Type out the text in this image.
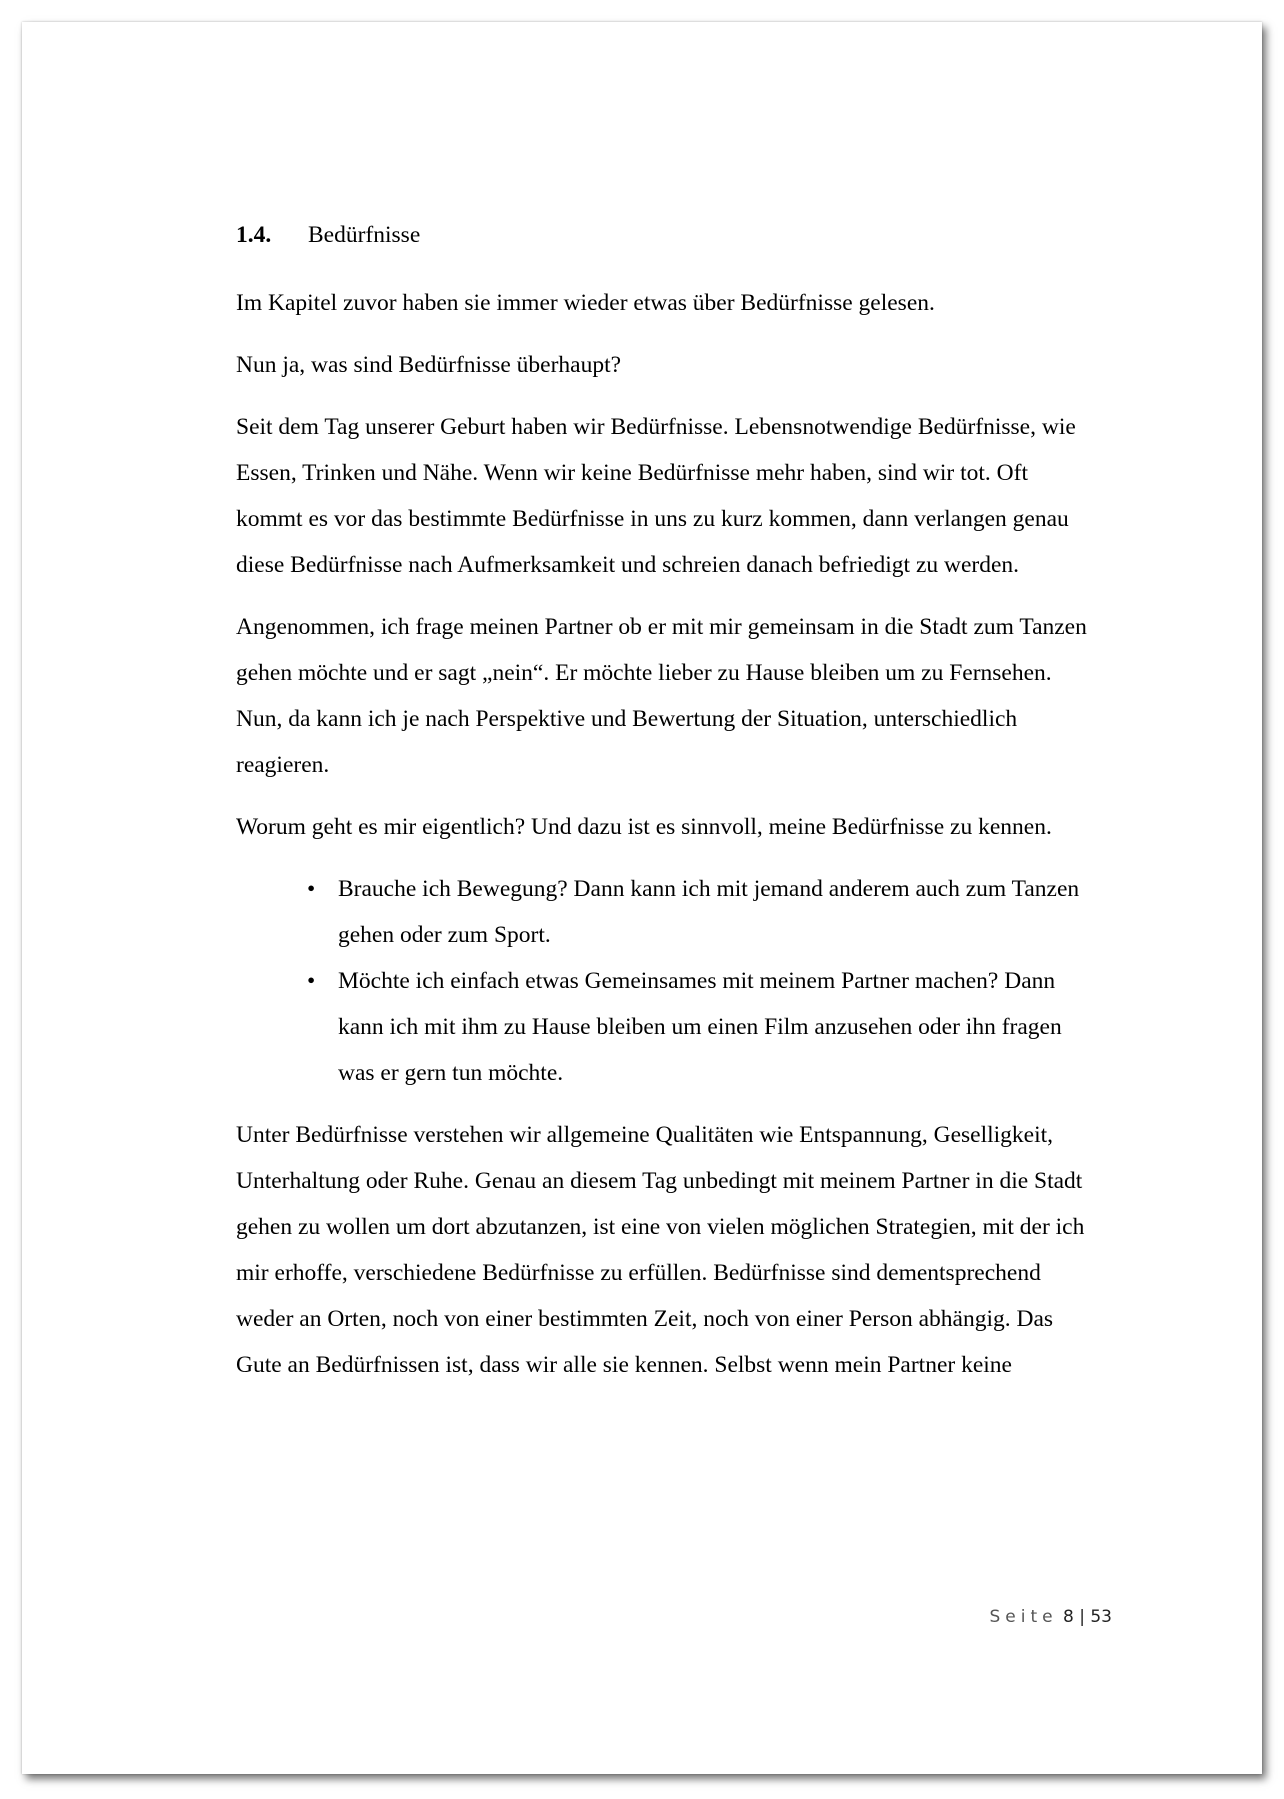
1.4. Bedürfnisse

Im Kapitel zuvor haben sie immer wieder etwas über Bedürfnisse gelesen.

Nun ja, was sind Bedürfnisse überhaupt?

Seit dem Tag unserer Geburt haben wir Bedürfnisse. Lebensnotwendige Bedürfnisse, wie Essen, Trinken und Nähe. Wenn wir keine Bedürfnisse mehr haben, sind wir tot. Oft kommt es vor das bestimmte Bedürfnisse in uns zu kurz kommen, dann verlangen genau diese Bedürfnisse nach Aufmerksamkeit und schreien danach befriedigt zu werden.

Angenommen, ich frage meinen Partner ob er mit mir gemeinsam in die Stadt zum Tanzen gehen möchte und er sagt „nein“. Er möchte lieber zu Hause bleiben um zu Fernsehen. Nun, da kann ich je nach Perspektive und Bewertung der Situation, unterschiedlich reagieren.

Worum geht es mir eigentlich? Und dazu ist es sinnvoll, meine Bedürfnisse zu kennen.

• Brauche ich Bewegung? Dann kann ich mit jemand anderem auch zum Tanzen gehen oder zum Sport.
• Möchte ich einfach etwas Gemeinsames mit meinem Partner machen? Dann kann ich mit ihm zu Hause bleiben um einen Film anzusehen oder ihn fragen was er gern tun möchte.

Unter Bedürfnisse verstehen wir allgemeine Qualitäten wie Entspannung, Geselligkeit, Unterhaltung oder Ruhe. Genau an diesem Tag unbedingt mit meinem Partner in die Stadt gehen zu wollen um dort abzutanzen, ist eine von vielen möglichen Strategien, mit der ich mir erhoffe, verschiedene Bedürfnisse zu erfüllen. Bedürfnisse sind dementsprechend weder an Orten, noch von einer bestimmten Zeit, noch von einer Person abhängig. Das Gute an Bedürfnissen ist, dass wir alle sie kennen. Selbst wenn mein Partner keine

Seite 8 | 53
